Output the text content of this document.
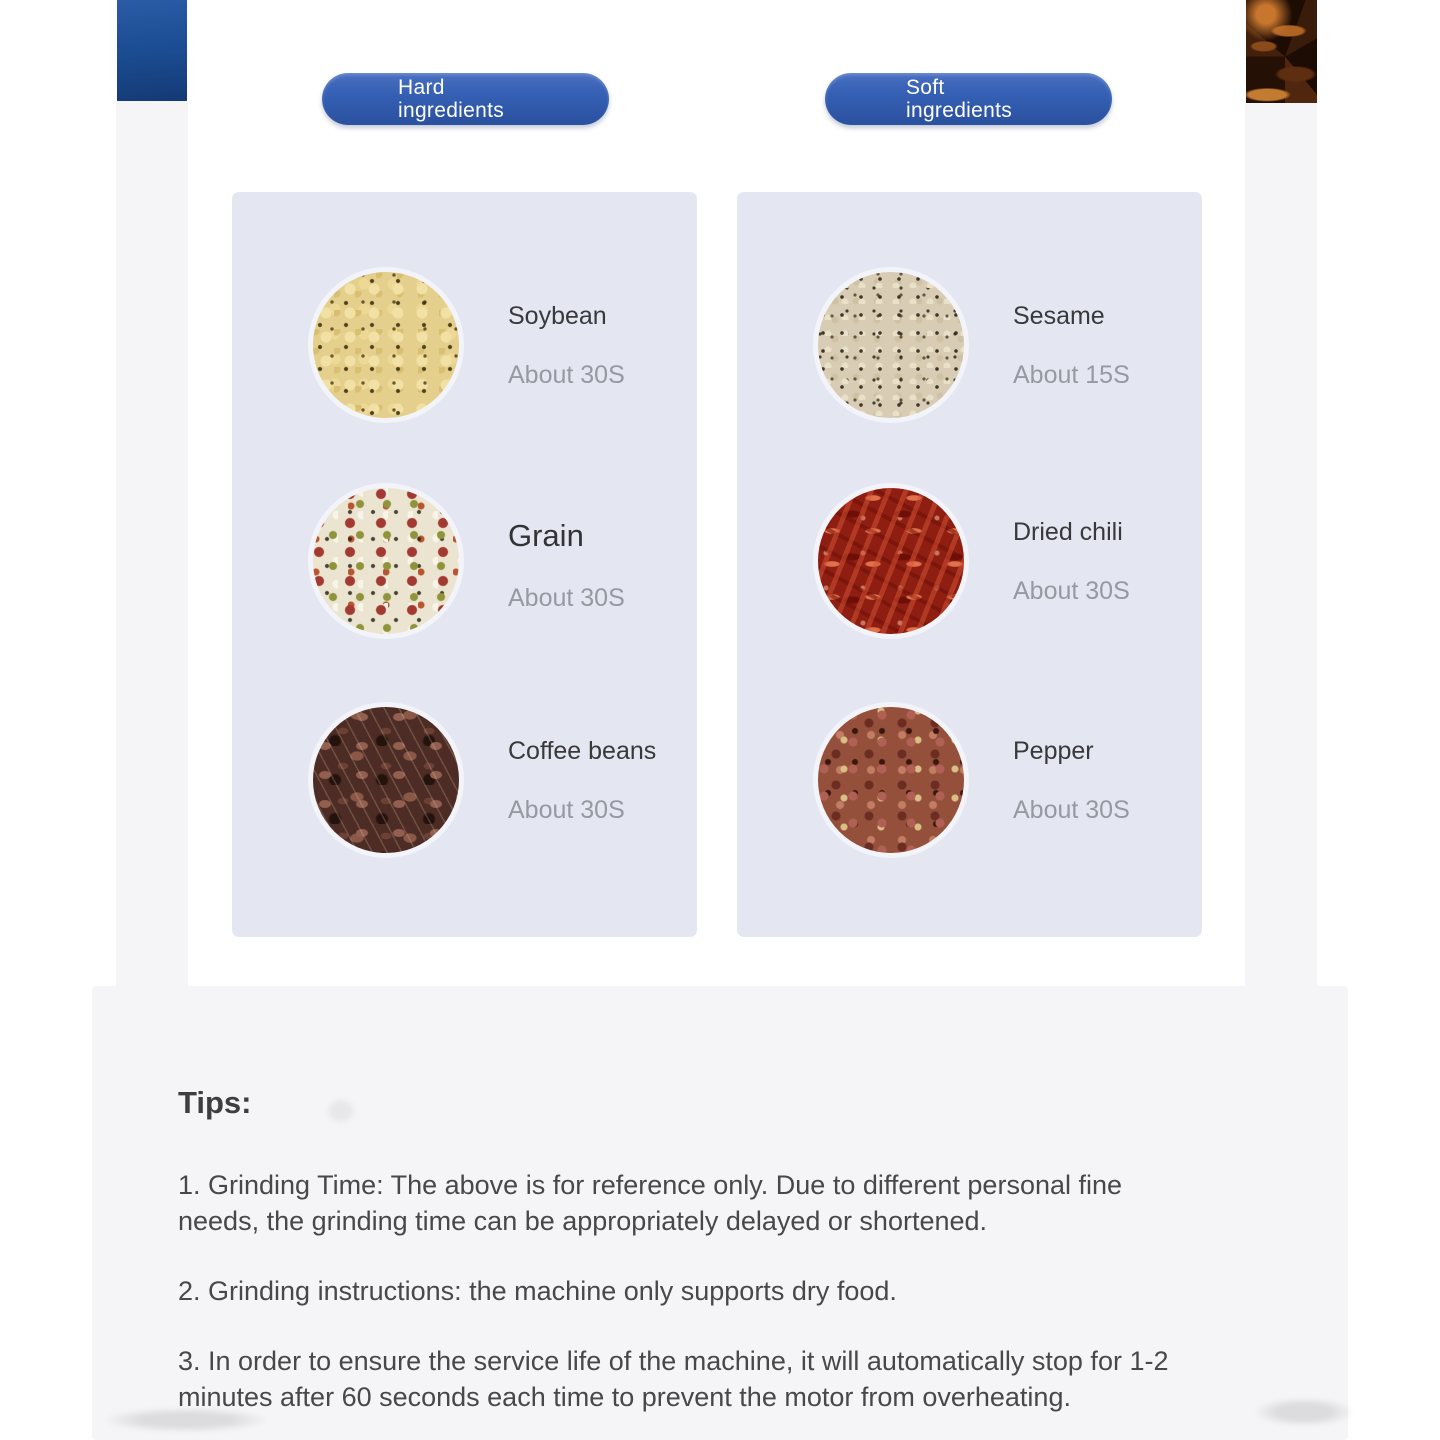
Hard
ingredients
Soft
ingredients
Soybean
About 30S
Grain
About 30S
Coffee beans
About 30S
Sesame
About 15S
Dried chili
About 30S
Pepper
About 30S
Tips:

1. Grinding Time: The above is for reference only. Due to different personal fine needs, the grinding time can be appropriately delayed or shortened.

2. Grinding instructions: the machine only supports dry food.

3. In order to ensure the service life of the machine, it will automatically stop for 1-2 minutes after 60 seconds each time to prevent the motor from overheating.
